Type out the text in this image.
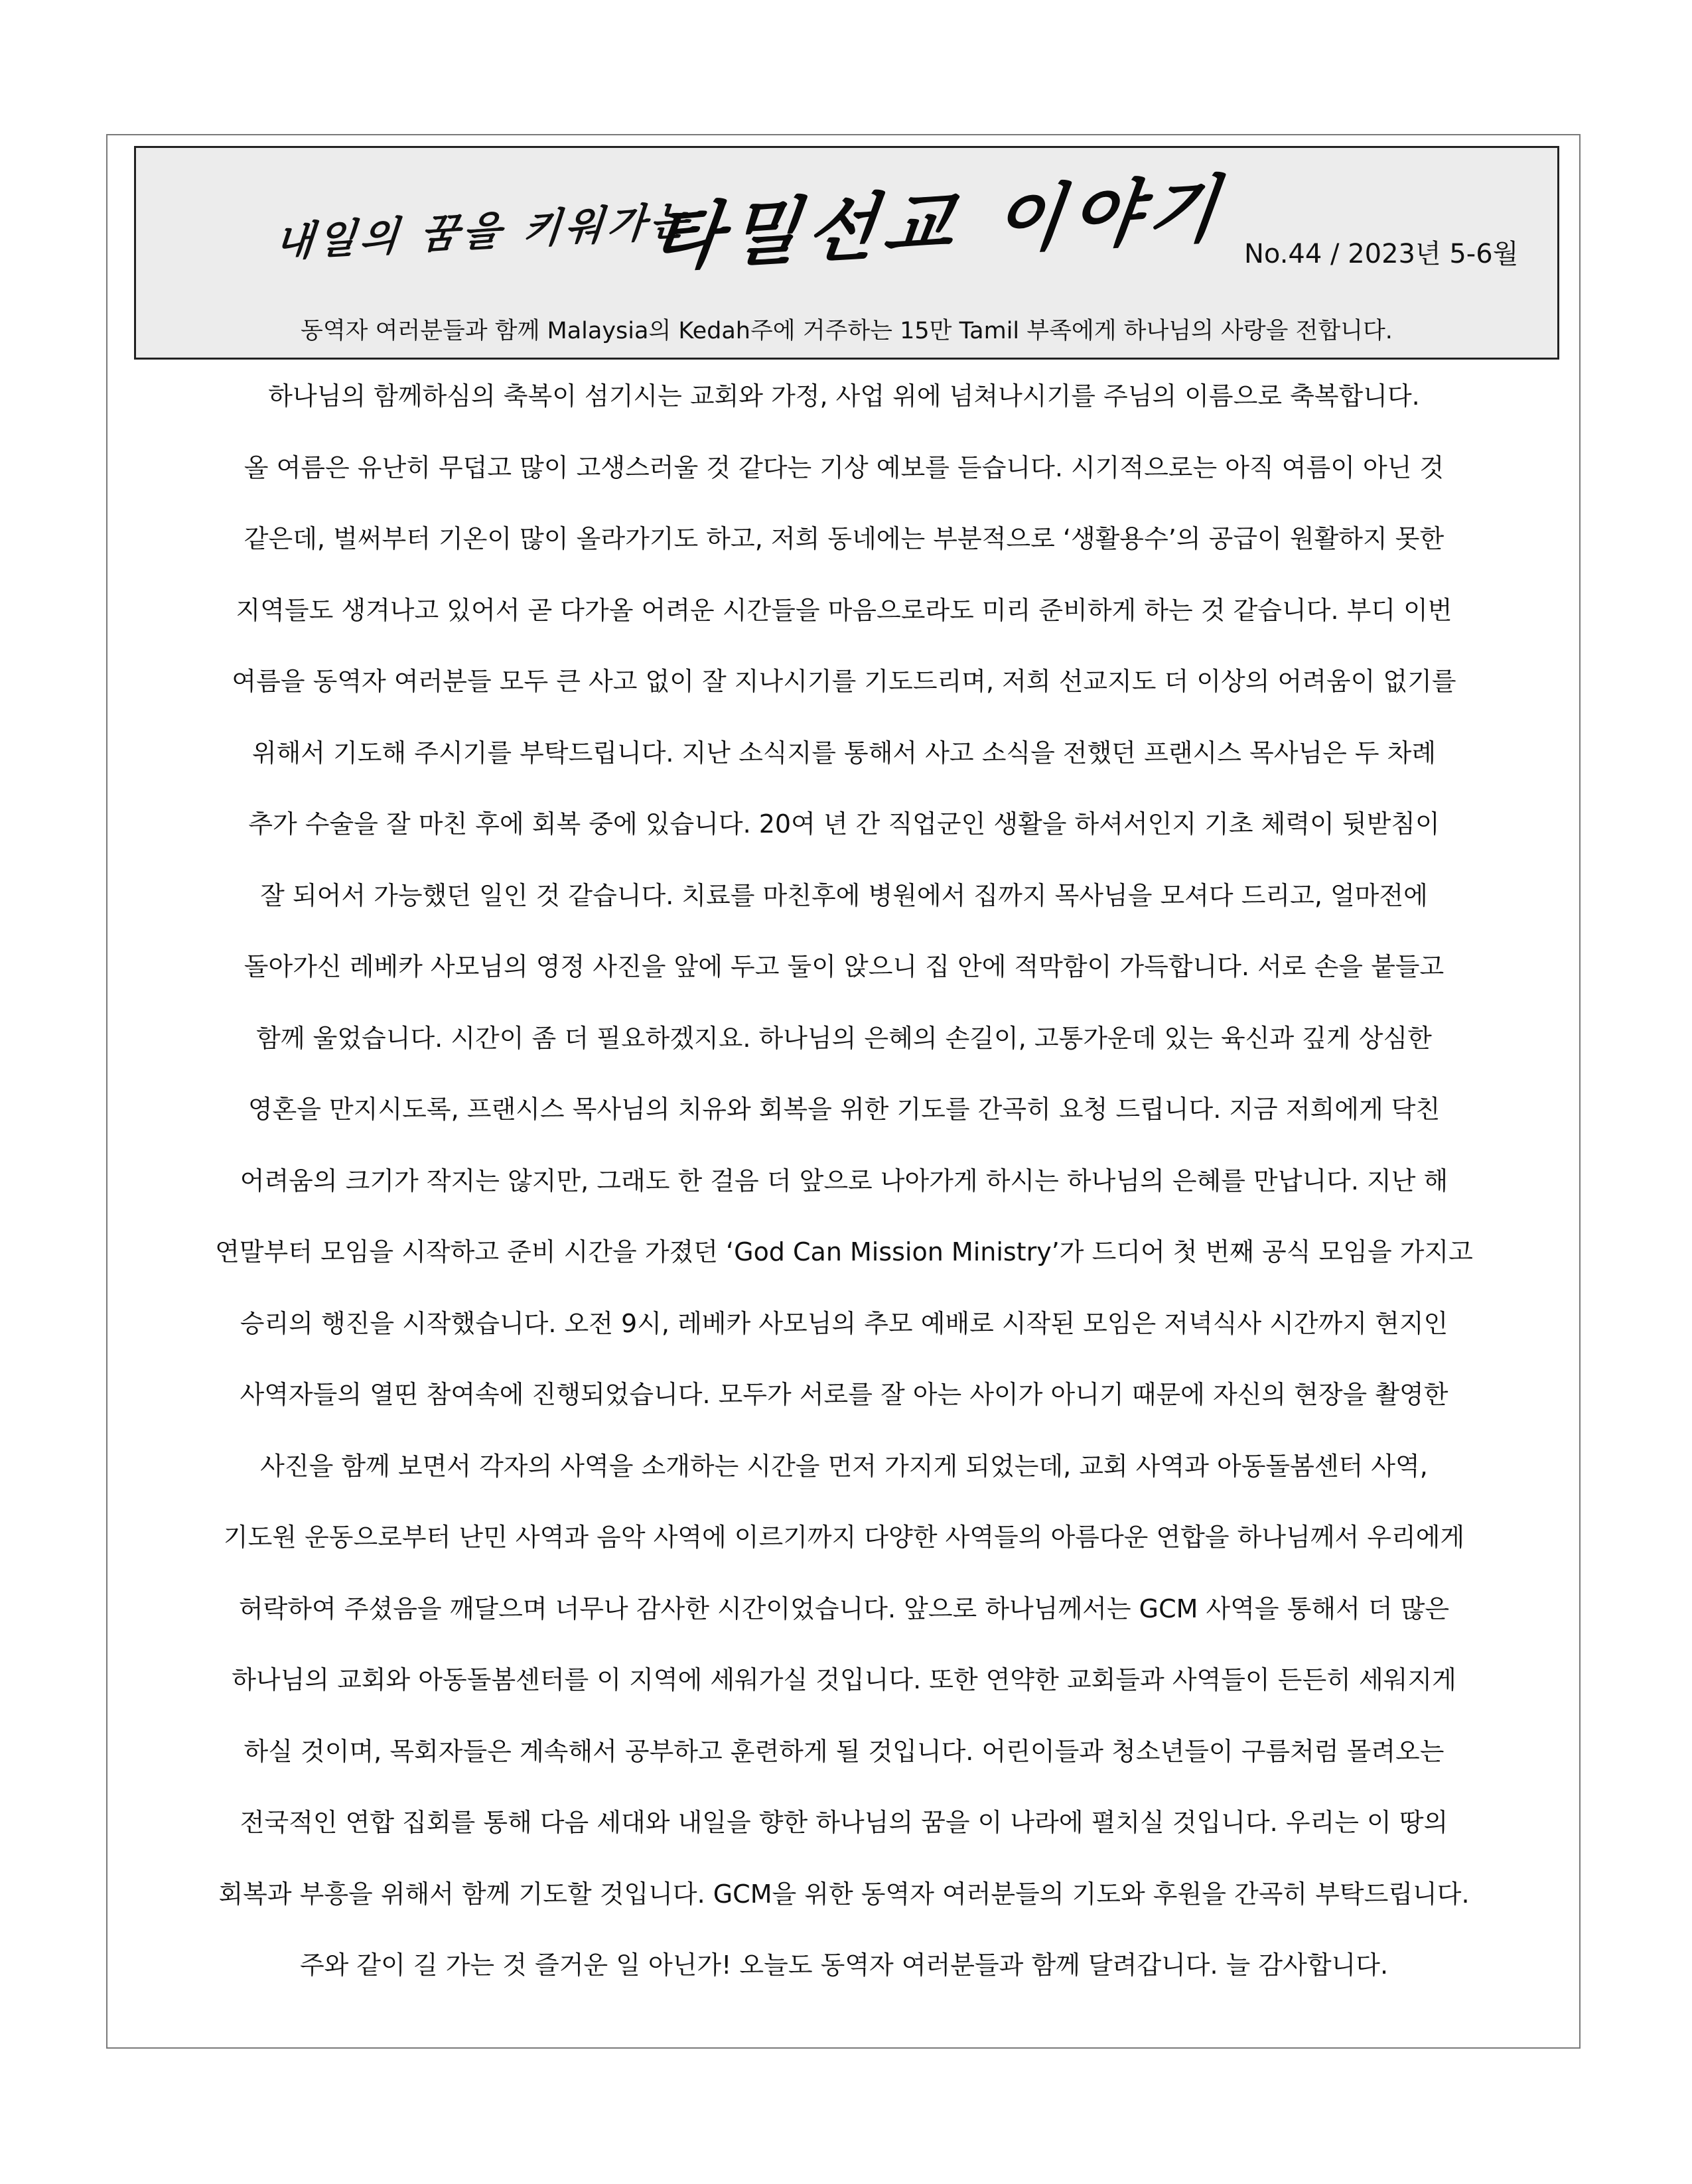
내일의 꿈을 키워가는
타밀선교 이야기 No.44 / 2023년 5-6월
동역자 여러분들과 함께 Malaysia의 Kedah주에 거주하는 15만 Tamil 부족에게 하나님의 사랑을 전합니다.
하나님의 함께하심의 축복이 섬기시는 교회와 가정, 사업 위에 넘쳐나시기를 주님의 이름으로 축복합니다.
올 여름은 유난히 무덥고 많이 고생스러울 것 같다는 기상 예보를 듣습니다. 시기적으로는 아직 여름이 아닌 것
같은데, 벌써부터 기온이 많이 올라가기도 하고, 저희 동네에는 부분적으로 ‘생활용수’의 공급이 원활하지 못한
지역들도 생겨나고 있어서 곧 다가올 어려운 시간들을 마음으로라도 미리 준비하게 하는 것 같습니다. 부디 이번
여름을 동역자 여러분들 모두 큰 사고 없이 잘 지나시기를 기도드리며, 저희 선교지도 더 이상의 어려움이 없기를
위해서 기도해 주시기를 부탁드립니다. 지난 소식지를 통해서 사고 소식을 전했던 프랜시스 목사님은 두 차례
추가 수술을 잘 마친 후에 회복 중에 있습니다. 20여 년 간 직업군인 생활을 하셔서인지 기초 체력이 뒷받침이
잘 되어서 가능했던 일인 것 같습니다. 치료를 마친후에 병원에서 집까지 목사님을 모셔다 드리고, 얼마전에
돌아가신 레베카 사모님의 영정 사진을 앞에 두고 둘이 앉으니 집 안에 적막함이 가득합니다. 서로 손을 붙들고
함께 울었습니다. 시간이 좀 더 필요하겠지요. 하나님의 은혜의 손길이, 고통가운데 있는 육신과 깊게 상심한
영혼을 만지시도록, 프랜시스 목사님의 치유와 회복을 위한 기도를 간곡히 요청 드립니다. 지금 저희에게 닥친
어려움의 크기가 작지는 않지만, 그래도 한 걸음 더 앞으로 나아가게 하시는 하나님의 은혜를 만납니다. 지난 해
연말부터 모임을 시작하고 준비 시간을 가졌던 ‘God Can Mission Ministry’가 드디어 첫 번째 공식 모임을 가지고
승리의 행진을 시작했습니다. 오전 9시, 레베카 사모님의 추모 예배로 시작된 모임은 저녁식사 시간까지 현지인
사역자들의 열띤 참여속에 진행되었습니다. 모두가 서로를 잘 아는 사이가 아니기 때문에 자신의 현장을 촬영한
사진을 함께 보면서 각자의 사역을 소개하는 시간을 먼저 가지게 되었는데, 교회 사역과 아동돌봄센터 사역,
기도원 운동으로부터 난민 사역과 음악 사역에 이르기까지 다양한 사역들의 아름다운 연합을 하나님께서 우리에게
허락하여 주셨음을 깨달으며 너무나 감사한 시간이었습니다. 앞으로 하나님께서는 GCM 사역을 통해서 더 많은
하나님의 교회와 아동돌봄센터를 이 지역에 세워가실 것입니다. 또한 연약한 교회들과 사역들이 든든히 세워지게
하실 것이며, 목회자들은 계속해서 공부하고 훈련하게 될 것입니다. 어린이들과 청소년들이 구름처럼 몰려오는
전국적인 연합 집회를 통해 다음 세대와 내일을 향한 하나님의 꿈을 이 나라에 펼치실 것입니다. 우리는 이 땅의
회복과 부흥을 위해서 함께 기도할 것입니다. GCM을 위한 동역자 여러분들의 기도와 후원을 간곡히 부탁드립니다.
주와 같이 길 가는 것 즐거운 일 아닌가! 오늘도 동역자 여러분들과 함께 달려갑니다. 늘 감사합니다.
